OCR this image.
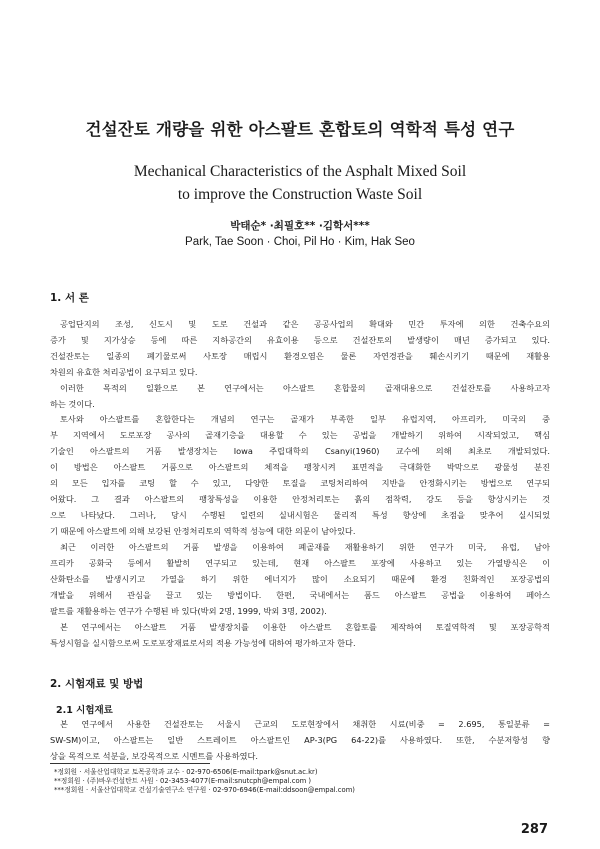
건설잔토 개량을 위한 아스팔트 혼합토의 역학적 특성 연구
Mechanical Characteristics of the Asphalt Mixed Soil
to improve the Construction Waste Soil
박태순* ·최필호** ·김학서***
Park, Tae Soon · Choi, Pil Ho · Kim, Hak Seo
1. 서 론
공업단지의 조성, 신도시 및 도로 건설과 같은 공공사업의 확대와 민간 투자에 의한 건축수요의
증가 및 지가상승 등에 따른 지하공간의 유효이용 등으로 건설잔토의 발생량이 매년 증가되고 있다.
건설잔토는 일종의 폐기물로써 사토장 매립시 환경오염은 물론 자연경관을 훼손시키기 때문에 재활용
차원의 유효한 처리공법이 요구되고 있다.
이러한 목적의 일환으로 본 연구에서는 아스팔트 혼합물의 골재대용으로 건설잔토를 사용하고자
하는 것이다.
토사와 아스팔트를 혼합한다는 개념의 연구는 골재가 부족한 일부 유럽지역, 아프리카, 미국의 중
부 지역에서 도로포장 공사의 골재기층을 대용할 수 있는 공법을 개발하기 위하여 시작되었고, 핵심
기술인 아스팔트의 거품 발생장치는 Iowa 주립대학의 Csanyi(1960) 교수에 의해 최초로 개발되었다.
이 방법은 아스팔트 거품으로 아스팔트의 체적을 팽창시켜 표면적을 극대화한 박막으로 광물성 분진
의 모든 입자를 코팅 할 수 있고, 다양한 토질을 코팅처리하여 지반을 안정화시키는 방법으로 연구되
어왔다. 그 결과 아스팔트의 팽창특성을 이용한 안정처리토는 흙의 점착력, 강도 등을 향상시키는 것
으로 나타났다. 그러나, 당시 수행된 일련의 실내시험은 물리적 특성 향상에 초점을 맞추어 실시되었
기 때문에 아스팔트에 의해 보강된 안정처리토의 역학적 성능에 대한 의문이 남아있다.
최근 이러한 아스팔트의 거품 발생을 이용하여 폐골재를 재활용하기 위한 연구가 미국, 유럽, 남아
프리카 공화국 등에서 활발히 연구되고 있는데, 현재 아스팔트 포장에 사용하고 있는 가열방식은 이
산화탄소를 발생시키고 가열을 하기 위한 에너지가 많이 소요되기 때문에 환경 친화적인 포장공법의
개발을 위해서 관심을 끌고 있는 방법이다. 한편, 국내에서는 폼드 아스팔트 공법을 이용하여 페아스
팔트를 재활용하는 연구가 수행된 바 있다(박외 2명, 1999, 박외 3명, 2002).
본 연구에서는 아스팔트 거품 발생장치를 이용한 아스팔트 혼합토를 제작하여 토질역학적 및 포장공학적
특성시험을 실시함으로써 도로포장재료로서의 적용 가능성에 대하여 평가하고자 한다.
2. 시험재료 및 방법
2.1 시험재료
본 연구에서 사용한 건설잔토는 서울시 근교의 도로현장에서 채취한 시료(비중 = 2.695, 통일분류 =
SW-SM)이고, 아스팔트는 일반 스트레이트 아스팔트인 AP-3(PG 64-22)를 사용하였다. 또한, 수분저항성 향
상을 목적으로 석분을, 보강목적으로 시멘트를 사용하였다.
*정회원 · 서울산업대학교 토목공학과 교수 · 02-970-6506(E-mail:tpark@snut.ac.kr)
**정회원 · (주)바우컨설탄트 사원 · 02-3453-4077(E-mail:snutcph@empal.com )
***정회원 · 서울산업대학교 건설기술연구소 연구원 · 02-970-6946(E-mail:ddsoon@empal.com)
287
